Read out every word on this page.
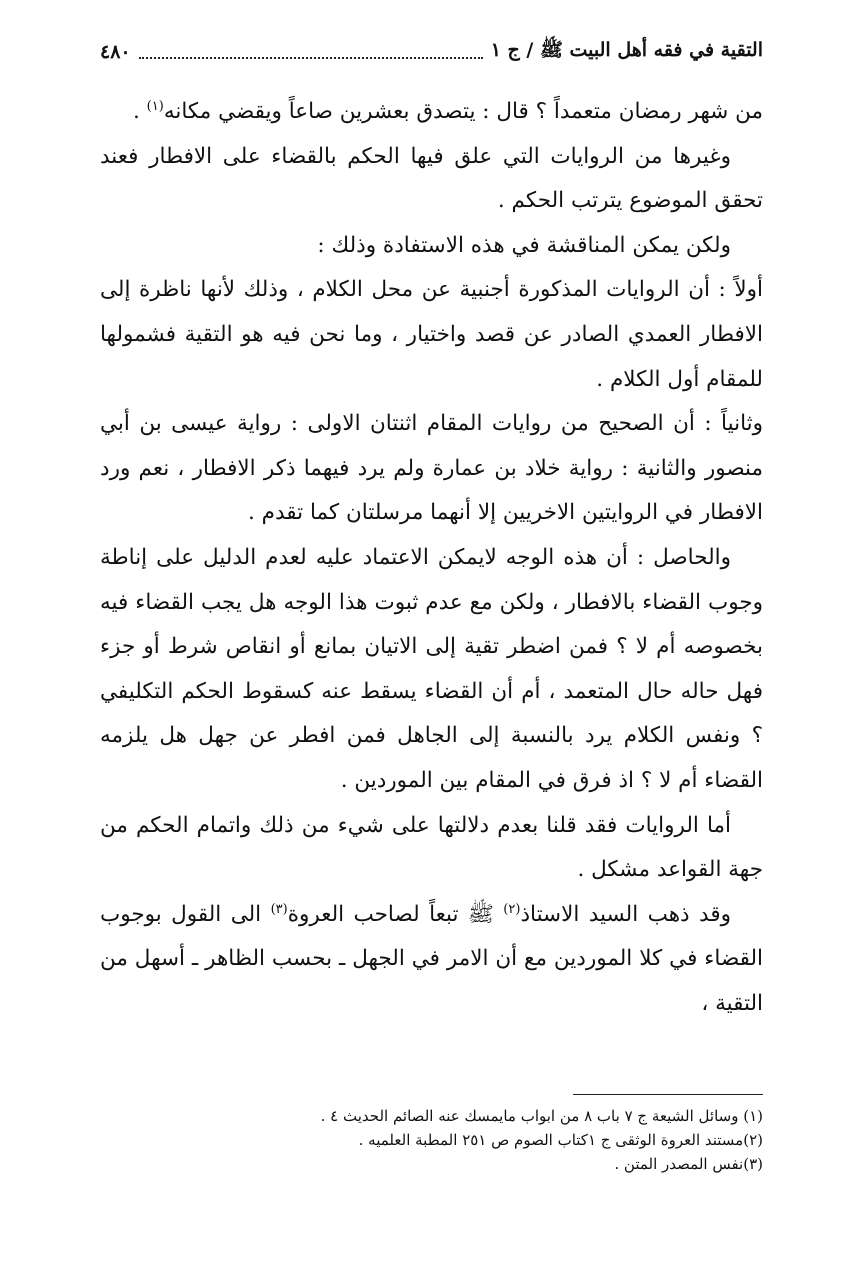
٤٨٠	التقية في فقه أهل البيت ﷺ / ج ١

من شهر رمضان متعمداً ؟ قال : يتصدق بعشرين صاعاً ويقضي مكانه$^{(١)}$ .

وغيرها من الروايات التي علق فيها الحكم بالقضاء على الافطار فعند تحقق الموضوع يترتب الحكم .

ولكن يمكن المناقشة في هذه الاستفادة وذلك :

أولاً : أن الروايات المذكورة أجنبية عن محل الكلام ، وذلك لأنها ناظرة إلى الافطار العمدي الصادر عن قصد واختيار ، وما نحن فيه هو التقية فشمولها للمقام أول الكلام .

وثانياً : أن الصحيح من روايات المقام اثنتان الاولى : رواية عيسى بن أبي منصور والثانية : رواية خلاد بن عمارة ولم يرد فيهما ذكر الافطار ، نعم ورد الافطار في الروايتين الاخريين إلا أنهما مرسلتان كما تقدم .

والحاصل : أن هذه الوجه لايمكن الاعتماد عليه لعدم الدليل على إناطة وجوب القضاء بالافطار ، ولكن مع عدم ثبوت هذا الوجه هل يجب القضاء فيه بخصوصه أم لا ؟ فمن اضطر تقية إلى الاتيان بمانع أو انقاص شرط أو جزء فهل حاله حال المتعمد ، أم أن القضاء يسقط عنه كسقوط الحكم التكليفي ؟ ونفس الكلام يرد بالنسبة إلى الجاهل فمن افطر عن جهل هل يلزمه القضاء أم لا ؟ اذ فرق في المقام بين الموردين .

أما الروايات فقد قلنا بعدم دلالتها على شيء من ذلك واتمام الحكم من جهة القواعد مشكل .

وقد ذهب السيد الاستاذ$^{(٢)}$ ﷺ تبعاً لصاحب العروة$^{(٣)}$ الى القول بوجوب القضاء في كلا الموردين مع أن الامر في الجهل ـ بحسب الظاهر ـ أسهل من التقية ،

(١) وسائل الشيعة ج ٧ باب ٨ من ابواب مايمسك عنه الصائم الحديث ٤ .

(٢)مستند العروة الوثقى ج ١كتاب الصوم ص ٢٥١ المطبة العلميه .

(٣)نفس المصدر المتن .
